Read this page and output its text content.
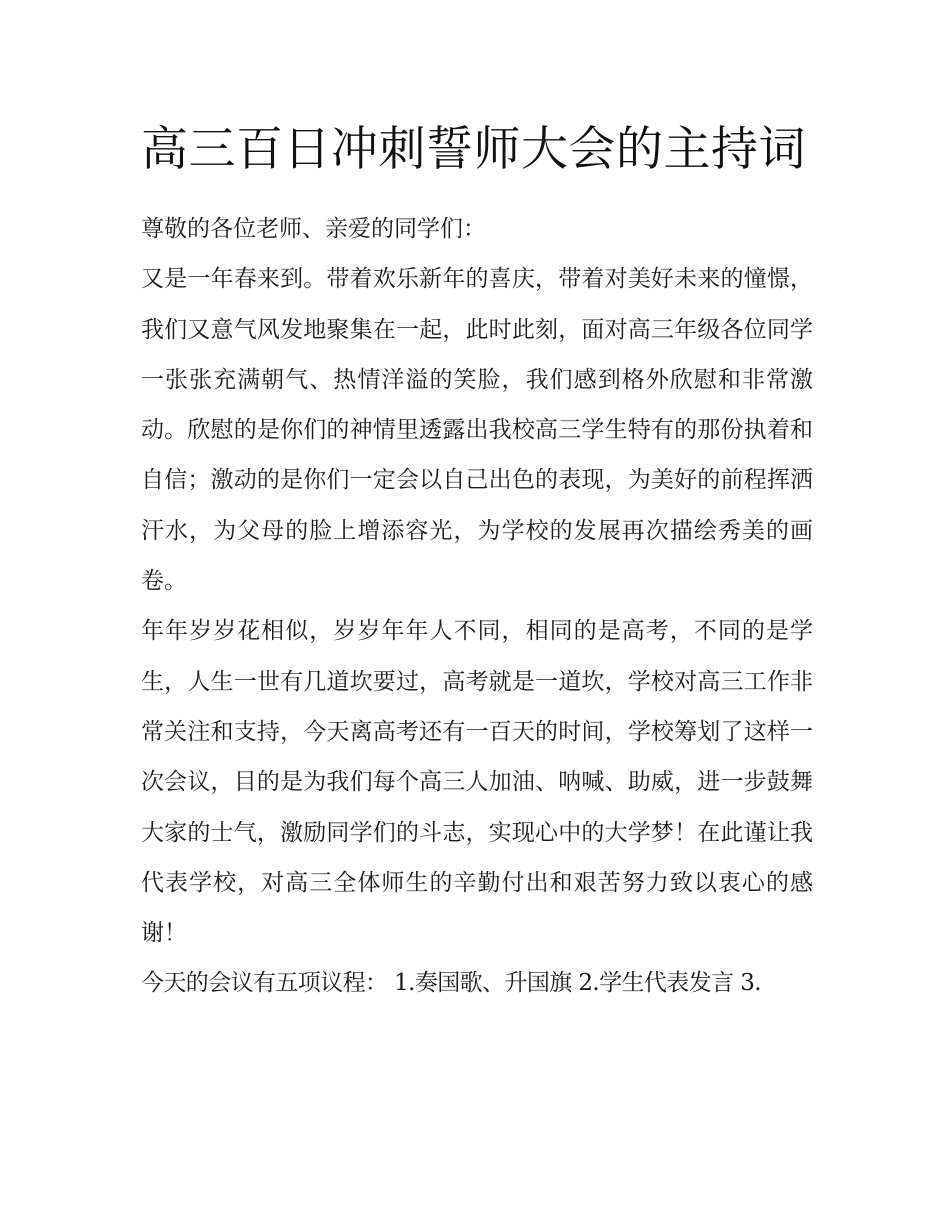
高三百日冲刺誓师大会的主持词

尊敬的各位老师、亲爱的同学们：

又是一年春来到。带着欢乐新年的喜庆，带着对美好未来的憧憬，我们又意气风发地聚集在一起，此时此刻，面对高三年级各位同学一张张充满朝气、热情洋溢的笑脸，我们感到格外欣慰和非常激动。欣慰的是你们的神情里透露出我校高三学生特有的那份执着和自信；激动的是你们一定会以自己出色的表现，为美好的前程挥洒汗水，为父母的脸上增添容光，为学校的发展再次描绘秀美的画卷。

年年岁岁花相似，岁岁年年人不同，相同的是高考，不同的是学生，人生一世有几道坎要过，高考就是一道坎，学校对高三工作非常关注和支持，今天离高考还有一百天的时间，学校筹划了这样一次会议，目的是为我们每个高三人加油、呐喊、助威，进一步鼓舞大家的士气，激励同学们的斗志，实现心中的大学梦！在此谨让我代表学校，对高三全体师生的辛勤付出和艰苦努力致以衷心的感谢！

今天的会议有五项议程： 1.奏国歌、升国旗 2.学生代表发言 3.
